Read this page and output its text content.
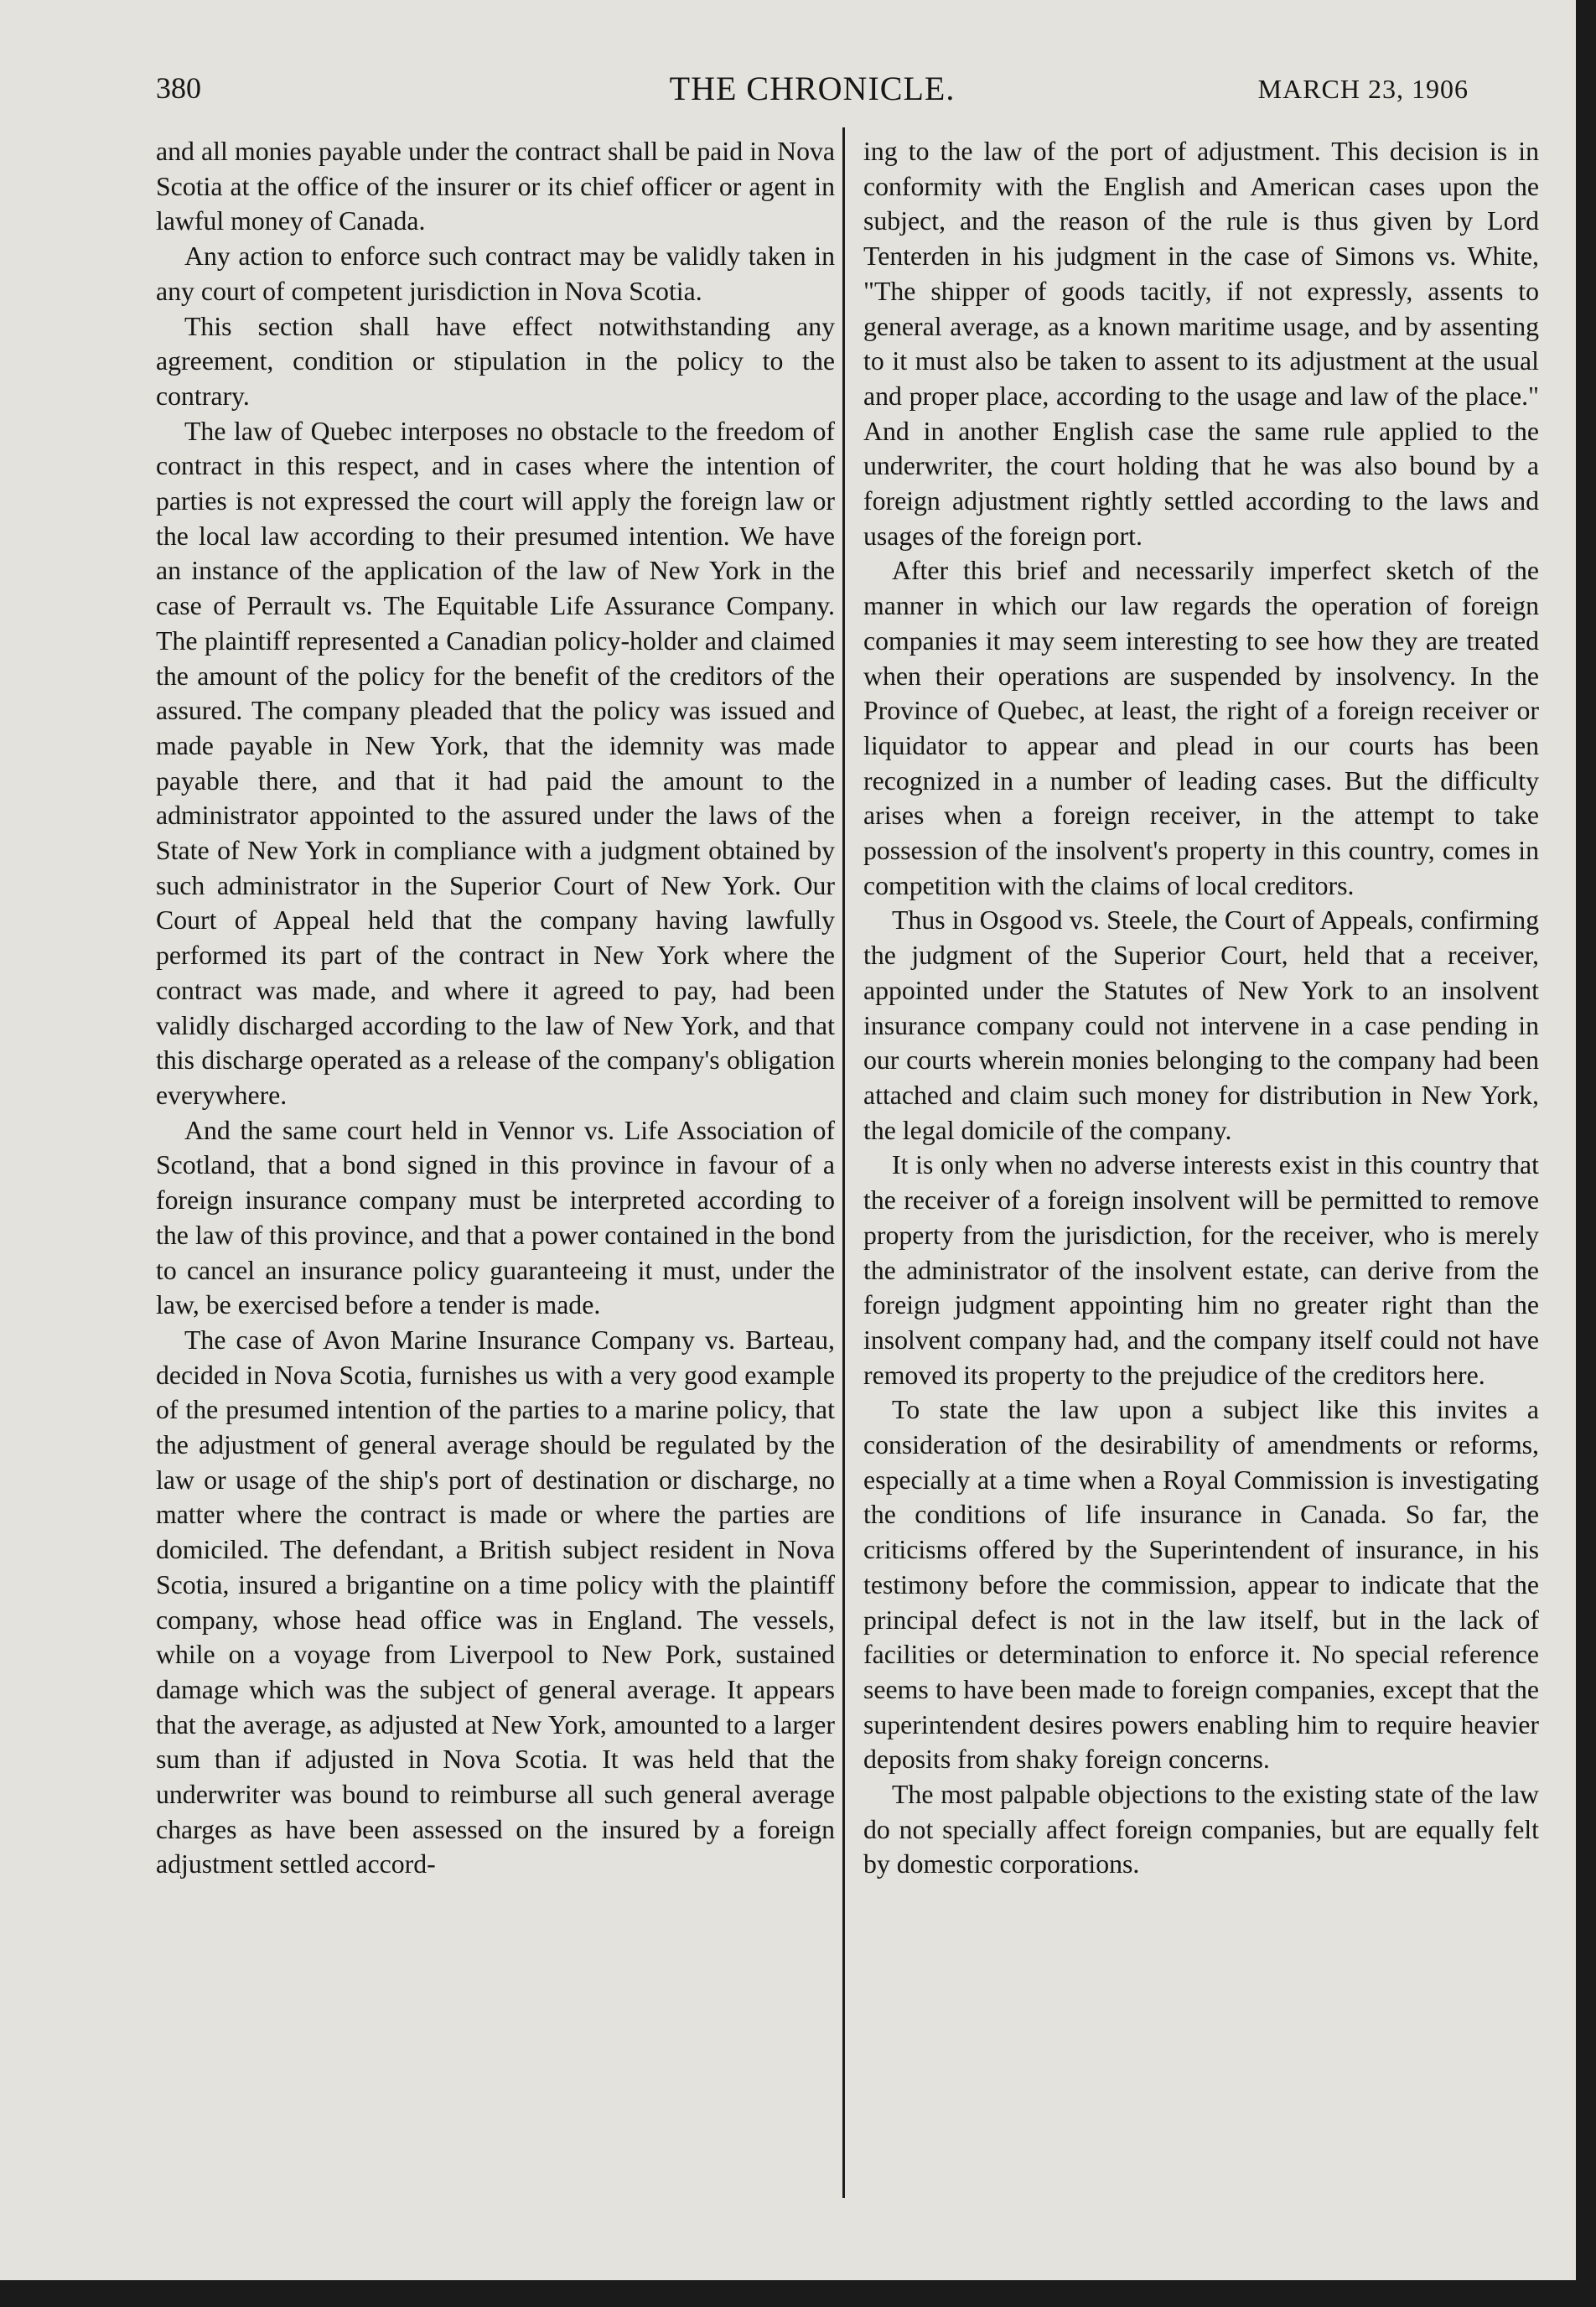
380	THE CHRONICLE.	MARCH 23, 1906

and all monies payable under the contract shall be paid in Nova Scotia at the office of the insurer or its chief officer or agent in lawful money of Canada.

Any action to enforce such contract may be validly taken in any court of competent jurisdiction in Nova Scotia.

This section shall have effect notwithstanding any agreement, condition or stipulation in the policy to the contrary.

The law of Quebec interposes no obstacle to the freedom of contract in this respect, and in cases where the intention of parties is not expressed the court will apply the foreign law or the local law according to their presumed intention. We have an instance of the application of the law of New York in the case of Perrault vs. The Equitable Life Assurance Company. The plaintiff represented a Canadian policy-holder and claimed the amount of the policy for the benefit of the creditors of the assured. The company pleaded that the policy was issued and made payable in New York, that the idemnity was made payable there, and that it had paid the amount to the administrator appointed to the assured under the laws of the State of New York in compliance with a judgment obtained by such administrator in the Superior Court of New York. Our Court of Appeal held that the company having lawfully performed its part of the contract in New York where the contract was made, and where it agreed to pay, had been validly discharged according to the law of New York, and that this discharge operated as a release of the company's obligation everywhere.

And the same court held in Vennor vs. Life Association of Scotland, that a bond signed in this province in favour of a foreign insurance company must be interpreted according to the law of this province, and that a power contained in the bond to cancel an insurance policy guaranteeing it must, under the law, be exercised before a tender is made.

The case of Avon Marine Insurance Company vs. Barteau, decided in Nova Scotia, furnishes us with a very good example of the presumed intention of the parties to a marine policy, that the adjustment of general average should be regulated by the law or usage of the ship's port of destination or discharge, no matter where the contract is made or where the parties are domiciled. The defendant, a British subject resident in Nova Scotia, insured a brigantine on a time policy with the plaintiff company, whose head office was in England. The vessels, while on a voyage from Liverpool to New Pork, sustained damage which was the subject of general average. It appears that the average, as adjusted at New York, amounted to a larger sum than if adjusted in Nova Scotia. It was held that the underwriter was bound to reimburse all such general average charges as have been assessed on the insured by a foreign adjustment settled accord-

ing to the law of the port of adjustment. This decision is in conformity with the English and American cases upon the subject, and the reason of the rule is thus given by Lord Tenterden in his judgment in the case of Simons vs. White, "The shipper of goods tacitly, if not expressly, assents to general average, as a known maritime usage, and by assenting to it must also be taken to assent to its adjustment at the usual and proper place, according to the usage and law of the place." And in another English case the same rule applied to the underwriter, the court holding that he was also bound by a foreign adjustment rightly settled according to the laws and usages of the foreign port.

After this brief and necessarily imperfect sketch of the manner in which our law regards the operation of foreign companies it may seem interesting to see how they are treated when their operations are suspended by insolvency. In the Province of Quebec, at least, the right of a foreign receiver or liquidator to appear and plead in our courts has been recognized in a number of leading cases. But the difficulty arises when a foreign receiver, in the attempt to take possession of the insolvent's property in this country, comes in competition with the claims of local creditors.

Thus in Osgood vs. Steele, the Court of Appeals, confirming the judgment of the Superior Court, held that a receiver, appointed under the Statutes of New York to an insolvent insurance company could not intervene in a case pending in our courts wherein monies belonging to the company had been attached and claim such money for distribution in New York, the legal domicile of the company.

It is only when no adverse interests exist in this country that the receiver of a foreign insolvent will be permitted to remove property from the jurisdiction, for the receiver, who is merely the administrator of the insolvent estate, can derive from the foreign judgment appointing him no greater right than the insolvent company had, and the company itself could not have removed its property to the prejudice of the creditors here.

To state the law upon a subject like this invites a consideration of the desirability of amendments or reforms, especially at a time when a Royal Commission is investigating the conditions of life insurance in Canada. So far, the criticisms offered by the Superintendent of insurance, in his testimony before the commission, appear to indicate that the principal defect is not in the law itself, but in the lack of facilities or determination to enforce it. No special reference seems to have been made to foreign companies, except that the superintendent desires powers enabling him to require heavier deposits from shaky foreign concerns.

The most palpable objections to the existing state of the law do not specially affect foreign companies, but are equally felt by domestic corporations.
